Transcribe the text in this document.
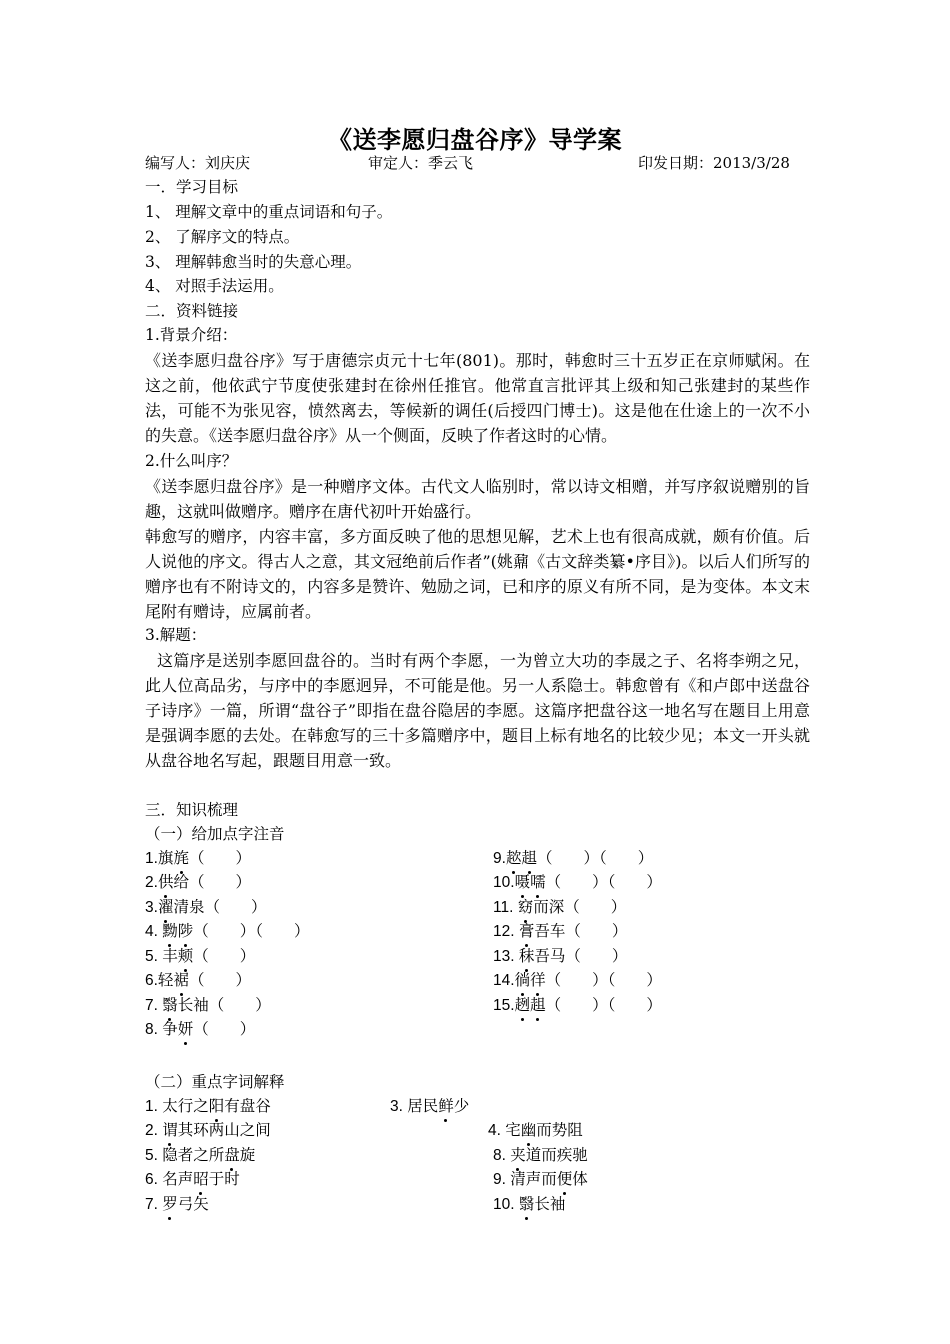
《送李愿归盘谷序》导学案
编写人：刘庆庆	审定人：季云飞	印发日期：2013/3/28
一．学习目标
1、 理解文章中的重点词语和句子。
2、 了解序文的特点。
3、 理解韩愈当时的失意心理。
4、 对照手法运用。
二．资料链接
1.背景介绍：
《送李愿归盘谷序》写于唐德宗贞元十七年(801)。那时，韩愈时三十五岁正在京师赋闲。在这之前，他依武宁节度使张建封在徐州任推官。他常直言批评其上级和知己张建封的某些作法，可能不为张见容，愤然离去，等候新的调任(后授四门博士)。这是他在仕途上的一次不小的失意。《送李愿归盘谷序》从一个侧面，反映了作者这时的心情。
2.什么叫序？
《送李愿归盘谷序》是一种赠序文体。古代文人临别时，常以诗文相赠，并写序叙说赠别的旨趣，这就叫做赠序。赠序在唐代初叶开始盛行。
韩愈写的赠序，内容丰富，多方面反映了他的思想见解，艺术上也有很高成就，颇有价值。后人说他的序文。得古人之意，其文冠绝前后作者”(姚鼐《古文辞类纂•序目》)。以后人们所写的赠序也有不附诗文的，内容多是赞许、勉励之词，已和序的原义有所不同，是为变体。本文末尾附有赠诗，应属前者。
3.解题：
这篇序是送别李愿回盘谷的。当时有两个李愿，一为曾立大功的李晟之子、名将李朔之兄，此人位高品劣，与序中的李愿迥异，不可能是他。另一人系隐士。韩愈曾有《和卢郎中送盘谷子诗序》一篇，所谓“盘谷子”即指在盘谷隐居的李愿。这篇序把盘谷这一地名写在题目上用意是强调李愿的去处。在韩愈写的三十多篇赠序中，题目上标有地名的比较少见；本文一开头就从盘谷地名写起，跟题目用意一致。
三．知识梳理
（一）给加点字注音
1.旗旄（　　）
2.供给（　　）
3.濯清泉（　　）
4. 黝陟（　　）（　　）
5. 丰颊（　　）
6.轻裾（　　）
7. 翳长袖（　　）
8. 争妍（　　）
9.趑趄（　　）（　　）
10.嗫嚅（　　）（　　）
11. 窈而深（　　）
12. 膏吾车（　　）
13. 秣吾马（　　）
14.徜徉（　　）（　　）
15.趔趄（　　）（　　）
（二）重点字词解释
1. 太行之阳有盘谷	3. 居民鲜少
2. 谓其环两山之间	4. 宅幽而势阻
5. 隐者之所盘旋	8. 夹道而疾驰
6. 名声昭于时	9. 清声而便体
7. 罗弓矢	10. 翳长袖
